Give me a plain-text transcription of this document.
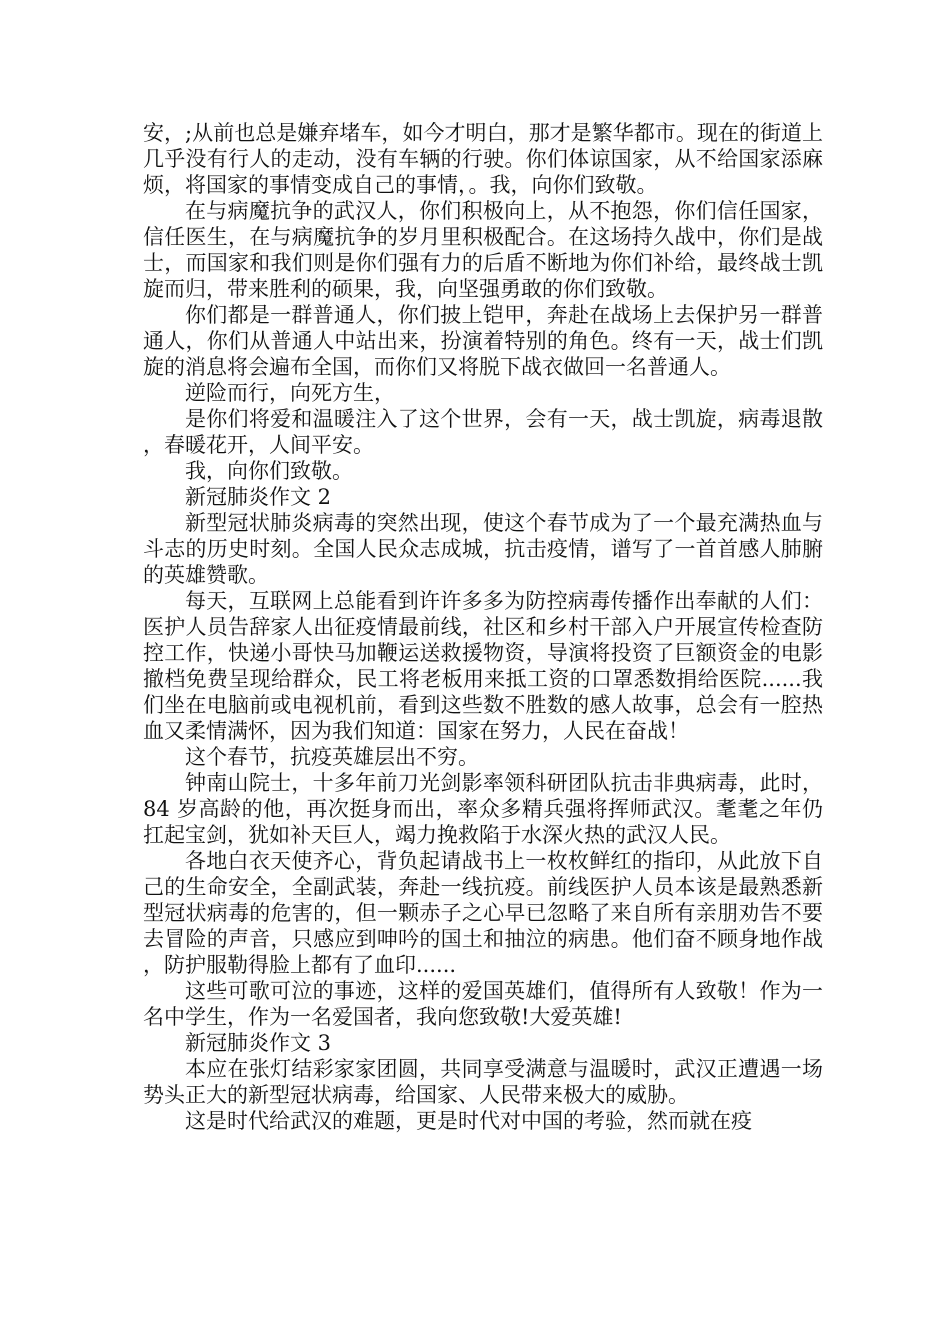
安，;从前也总是嫌弃堵车，如今才明白，那才是繁华都市。现在的街道上几乎没有行人的走动，没有车辆的行驶。你们体谅国家，从不给国家添麻烦，将国家的事情变成自己的事情，。我，向你们致敬。

在与病魔抗争的武汉人，你们积极向上，从不抱怨，你们信任国家，信任医生，在与病魔抗争的岁月里积极配合。在这场持久战中，你们是战士，而国家和我们则是你们强有力的后盾不断地为你们补给，最终战士凯旋而归，带来胜利的硕果，我，向坚强勇敢的你们致敬。

你们都是一群普通人，你们披上铠甲，奔赴在战场上去保护另一群普通人，你们从普通人中站出来，扮演着特别的角色。终有一天，战士们凯旋的消息将会遍布全国，而你们又将脱下战衣做回一名普通人。

逆险而行，向死方生，

是你们将爱和温暖注入了这个世界，会有一天，战士凯旋，病毒退散，春暖花开，人间平安。

我，向你们致敬。

新冠肺炎作文 2

新型冠状肺炎病毒的突然出现，使这个春节成为了一个最充满热血与斗志的历史时刻。全国人民众志成城，抗击疫情，谱写了一首首感人肺腑的英雄赞歌。

每天，互联网上总能看到许许多多为防控病毒传播作出奉献的人们：医护人员告辞家人出征疫情最前线，社区和乡村干部入户开展宣传检查防控工作，快递小哥快马加鞭运送救援物资，导演将投资了巨额资金的电影撤档免费呈现给群众，民工将老板用来抵工资的口罩悉数捐给医院......我们坐在电脑前或电视机前，看到这些数不胜数的感人故事，总会有一腔热血又柔情满怀，因为我们知道：国家在努力，人民在奋战！

这个春节，抗疫英雄层出不穷。

钟南山院士，十多年前刀光剑影率领科研团队抗击非典病毒，此时，84 岁高龄的他，再次挺身而出，率众多精兵强将挥师武汉。耄耄之年仍扛起宝剑，犹如补天巨人，竭力挽救陷于水深火热的武汉人民。

各地白衣天使齐心，背负起请战书上一枚枚鲜红的指印，从此放下自己的生命安全，全副武装，奔赴一线抗疫。前线医护人员本该是最熟悉新型冠状病毒的危害的，但一颗赤子之心早已忽略了来自所有亲朋劝告不要去冒险的声音，只感应到呻吟的国土和抽泣的病患。他们奋不顾身地作战，防护服勒得脸上都有了血印......

这些可歌可泣的事迹，这样的爱国英雄们，值得所有人致敬！作为一名中学生，作为一名爱国者，我向您致敬!大爱英雄!

新冠肺炎作文 3

本应在张灯结彩家家团圆，共同享受满意与温暖时，武汉正遭遇一场势头正大的新型冠状病毒，给国家、人民带来极大的威胁。

这是时代给武汉的难题，更是时代对中国的考验，然而就在疫
